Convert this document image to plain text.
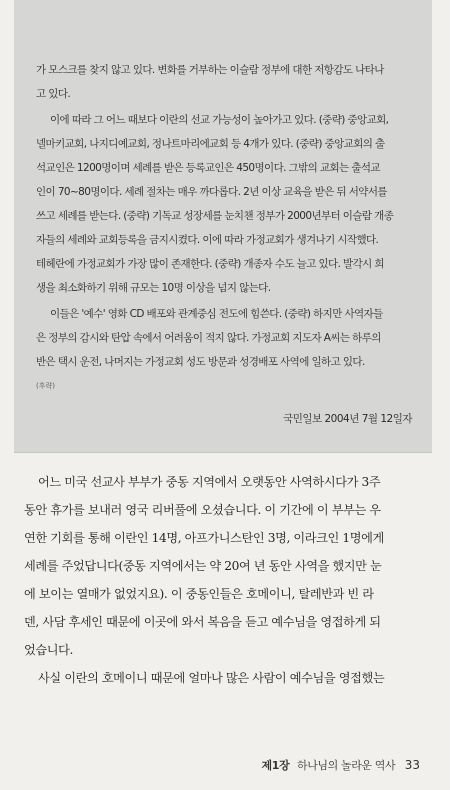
가 모스크를 찾지 않고 있다. 변화를 거부하는 이슬람 정부에 대한 저항감도 나타나
고 있다.
이에 따라 그 어느 때보다 이란의 선교 가능성이 높아가고 있다. (중략) 중앙교회,
넬마키교회, 나지디예교회, 정나트마리에교회 등 4개가 있다. (중략) 중앙교회의 출
석교인은 1200명이며 세례를 받은 등록교인은 450명이다. 그밖의 교회는 출석교
인이 70~80명이다. 세례 절차는 매우 까다롭다. 2년 이상 교육을 받은 뒤 서약서를
쓰고 세례를 받는다. (중략) 기독교 성장세를 눈치챈 정부가 2000년부터 이슬람 개종
자들의 세례와 교회등록을 금지시켰다. 이에 따라 가정교회가 생겨나기 시작했다.
테헤란에 가정교회가 가장 많이 존재한다. (중략) 개종자 수도 늘고 있다. 발각시 희
생을 최소화하기 위해 규모는 10명 이상을 넘지 않는다.
이들은 '예수' 영화 CD 배포와 관계중심 전도에 힘쓴다. (중략) 하지만 사역자들
은 정부의 감시와 탄압 속에서 어려움이 적지 않다. 가정교회 지도자 A씨는 하루의
반은 택시 운전, 나머지는 가정교회 성도 방문과 성경배포 사역에 일하고 있다.
(후략)
국민일보 2004년 7월 12일자
어느 미국 선교사 부부가 중동 지역에서 오랫동안 사역하시다가 3주
동안 휴가를 보내러 영국 리버풀에 오셨습니다. 이 기간에 이 부부는 우
연한 기회를 통해 이란인 14명, 아프가니스탄인 3명, 이라크인 1명에게
세례를 주었답니다(중동 지역에서는 약 20여 년 동안 사역을 했지만 눈
에 보이는 열매가 없었지요). 이 중동인들은 호메이니, 탈레반과 빈 라
덴, 사담 후세인 때문에 이곳에 와서 복음을 듣고 예수님을 영접하게 되
었습니다.
사실 이란의 호메이니 때문에 얼마나 많은 사람이 예수님을 영접했는
제1장 하나님의 놀라운 역사 33
